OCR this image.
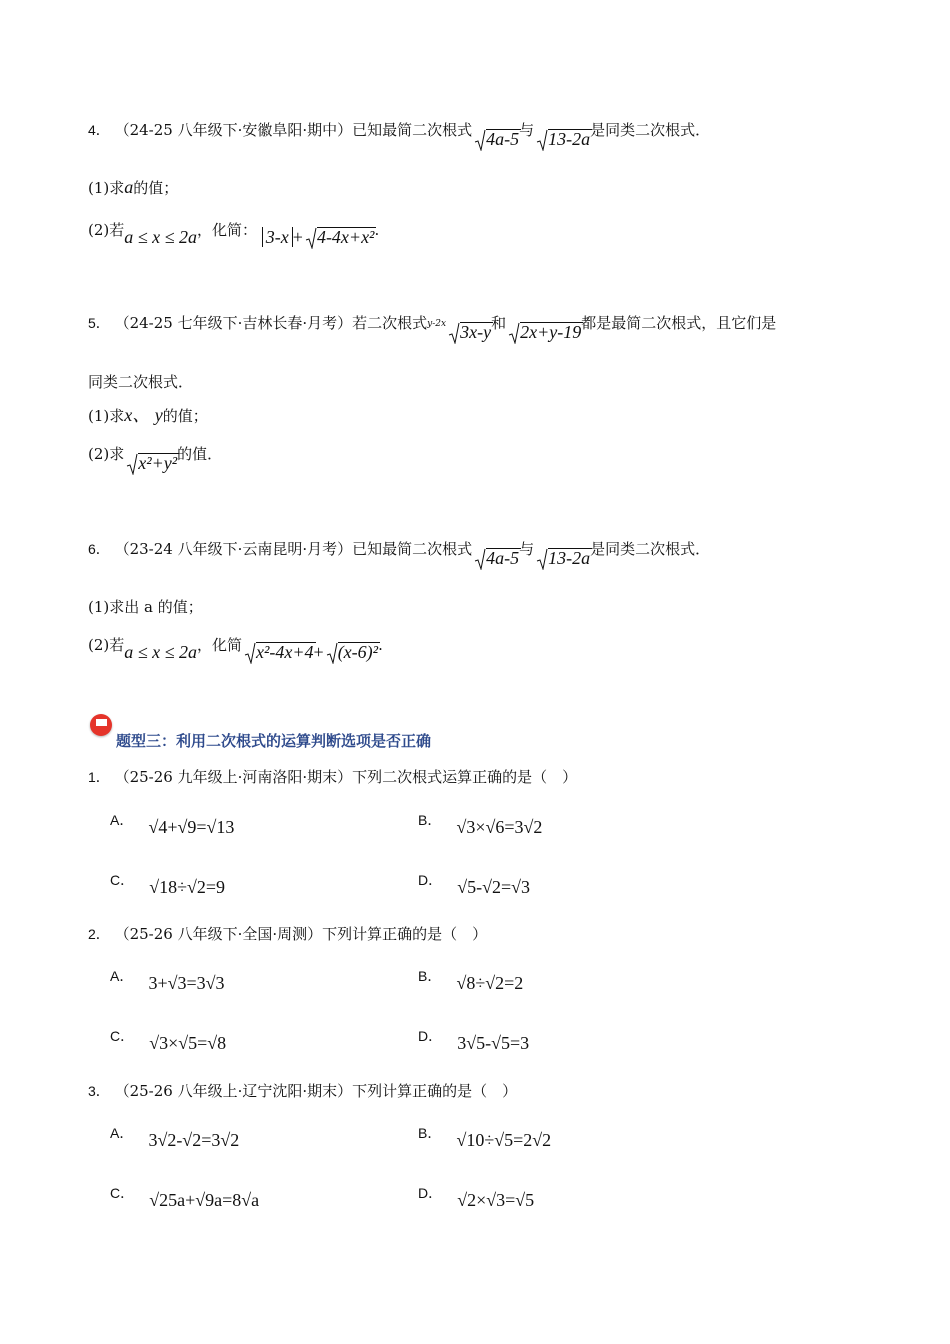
4． （24-25 八年级下·安徽阜阳·期中）已知最简二次根式 4a-5与 13-2a是同类二次根式．
(1)求a的值；
(2)若a ≤ x ≤ 2a，化简： 3-x + 4-4x+x².
5． （24-25 七年级下·吉林长春·月考）若二次根式y-2x 3x-y和 2x+y-19都是最简二次根式，且它们是
同类二次根式．
(1)求x、 y的值；
(2)求 x²+y²的值．
6． （23-24 八年级下·云南昆明·月考）已知最简二次根式 4a-5与 13-2a是同类二次根式．
(1)求出 a 的值；
(2)若a ≤ x ≤ 2a，化简 x²-4x+4+ (x-6)².
题型三：利用二次根式的运算判断选项是否正确
1． （25-26 九年级上·河南洛阳·期末）下列二次根式运算正确的是（　）
A． √4+√9=√13	B． √3×√6=3√2
C． √18÷√2=9	D． √5-√2=√3
2． （25-26 八年级下·全国·周测）下列计算正确的是（　）
A． 3+√3=3√3	B． √8÷√2=2
C． √3×√5=√8	D． 3√5-√5=3
3． （25-26 八年级上·辽宁沈阳·期末）下列计算正确的是（　）
A． 3√2-√2=3√2	B． √10÷√5=2√2
C． √25a+√9a=8√a	D． √2×√3=√5
